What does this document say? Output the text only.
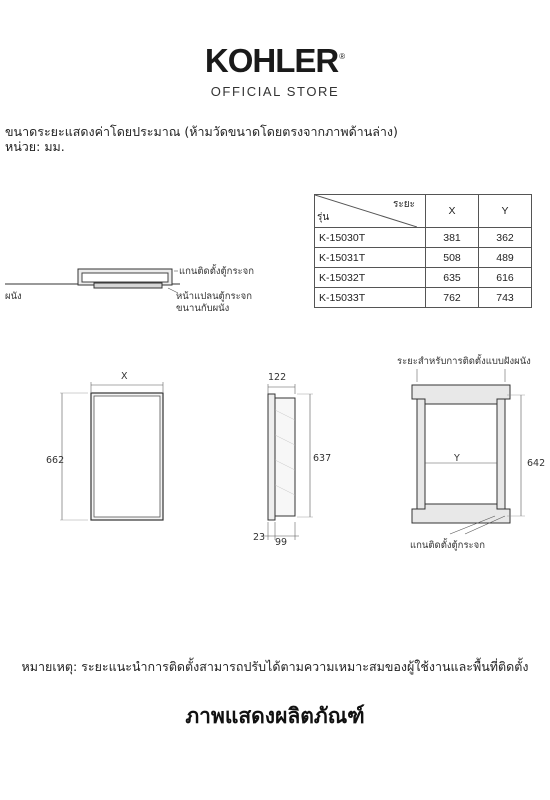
KOHLER®
OFFICIAL STORE
ขนาดระยะแสดงค่าโดยประมาณ (ห้ามวัดขนาดโดยตรงจากภาพด้านล่าง)
หน่วย: มม.
ระยะ
รุ่น	X	Y
K-15030T	381	362
K-15031T	508	489
K-15032T	635	616
K-15033T	762	743
ผนัง
แกนติดตั้งตู้กระจก
หน้าแปลนตู้กระจก
ขนานกับผนัง
X
662
122
637
23 99
ระยะสำหรับการติดตั้งแบบฝังผนัง
Y	642
แกนติดตั้งตู้กระจก
หมายเหตุ: ระยะแนะนำการติดตั้งสามารถปรับได้ตามความเหมาะสมของผู้ใช้งานและพื้นที่ติดตั้ง
ภาพแสดงผลิตภัณฑ์
